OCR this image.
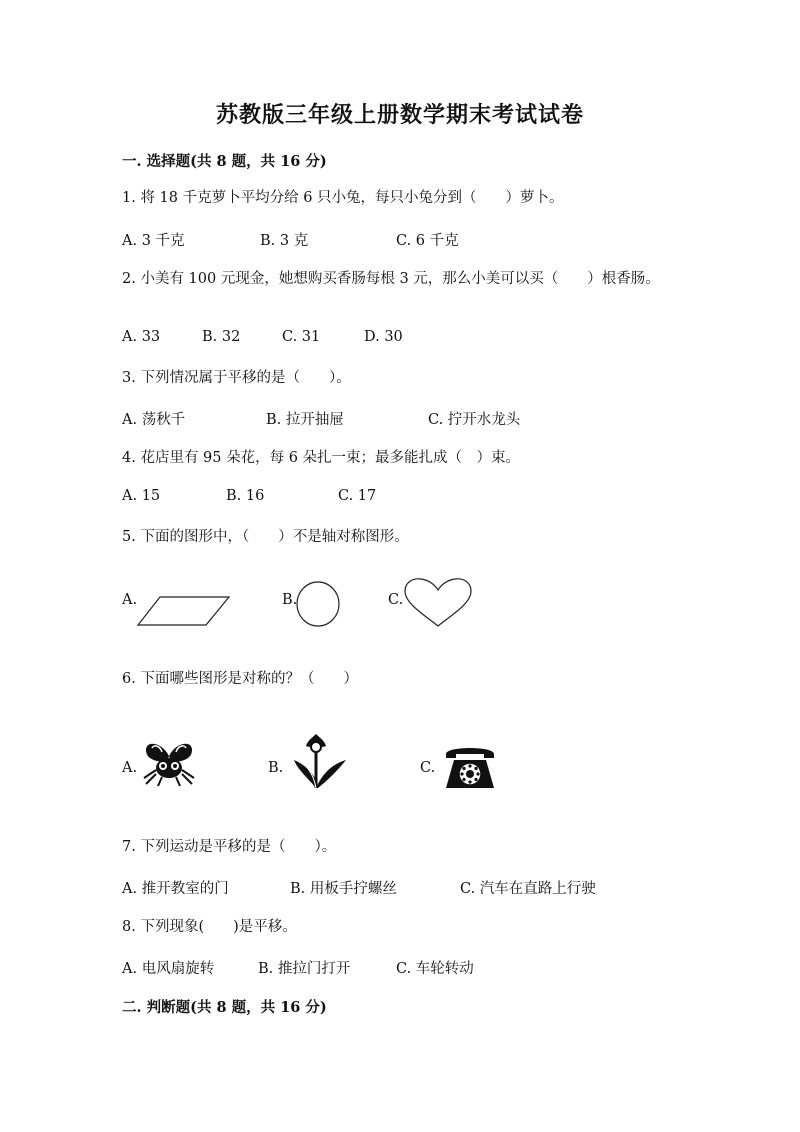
苏教版三年级上册数学期末考试试卷
一. 选择题(共 8 题，共 16 分)
1. 将 18 千克萝卜平均分给 6 只小兔，每只小兔分到（　　）萝卜。
A. 3 千克	B. 3 克	C. 6 千克
2. 小美有 100 元现金，她想购买香肠每根 3 元，那么小美可以买（　　）根香肠。
A. 33	B. 32	C. 31	D. 30
3. 下列情况属于平移的是（　　）。
A. 荡秋千	B. 拉开抽屉	C. 拧开水龙头
4. 花店里有 95 朵花，每 6 朵扎一束；最多能扎成（　）束。
A. 15	B. 16	C. 17
5. 下面的图形中，（　　）不是轴对称图形。
A.	B.	C.
6. 下面哪些图形是对称的？（　　）
A.	B.	C.
7. 下列运动是平移的是（　　）。
A. 推开教室的门	B. 用板手拧螺丝	C. 汽车在直路上行驶
8. 下列现象(　　)是平移。
A. 电风扇旋转	B. 推拉门打开	C. 车轮转动
二. 判断题(共 8 题，共 16 分)
